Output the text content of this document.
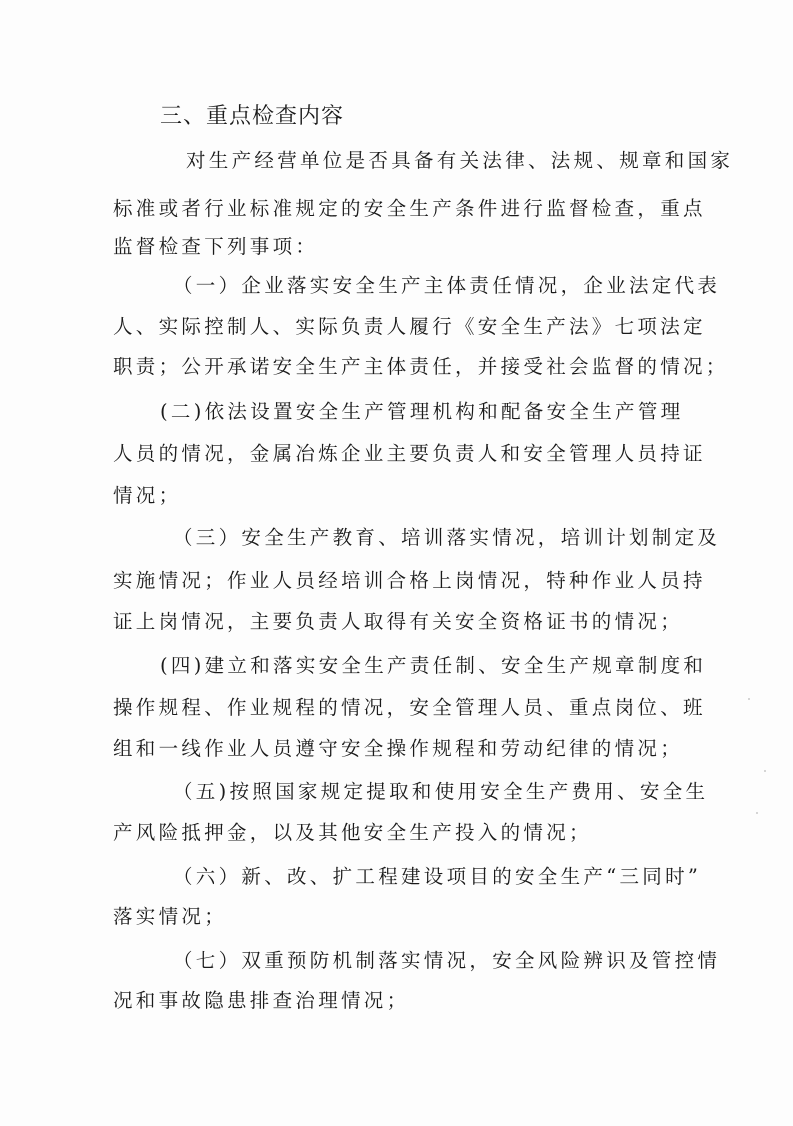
三、重点检查内容
对生产经营单位是否具备有关法律、法规、规章和国家
标准或者行业标准规定的安全生产条件进行监督检查，重点
监督检查下列事项：
（一）企业落实安全生产主体责任情况，企业法定代表
人、实际控制人、实际负责人履行《安全生产法》七项法定
职责；公开承诺安全生产主体责任，并接受社会监督的情况；
(二)依法设置安全生产管理机构和配备安全生产管理
人员的情况，金属冶炼企业主要负责人和安全管理人员持证
情况；
（三）安全生产教育、培训落实情况，培训计划制定及
实施情况；作业人员经培训合格上岗情况，特种作业人员持
证上岗情况，主要负责人取得有关安全资格证书的情况；
(四)建立和落实安全生产责任制、安全生产规章制度和
操作规程、作业规程的情况，安全管理人员、重点岗位、班
组和一线作业人员遵守安全操作规程和劳动纪律的情况；
（五)按照国家规定提取和使用安全生产费用、安全生
产风险抵押金，以及其他安全生产投入的情况；
（六）新、改、扩工程建设项目的安全生产“三同时”
落实情况；
（七）双重预防机制落实情况，安全风险辨识及管控情
况和事故隐患排查治理情况；
